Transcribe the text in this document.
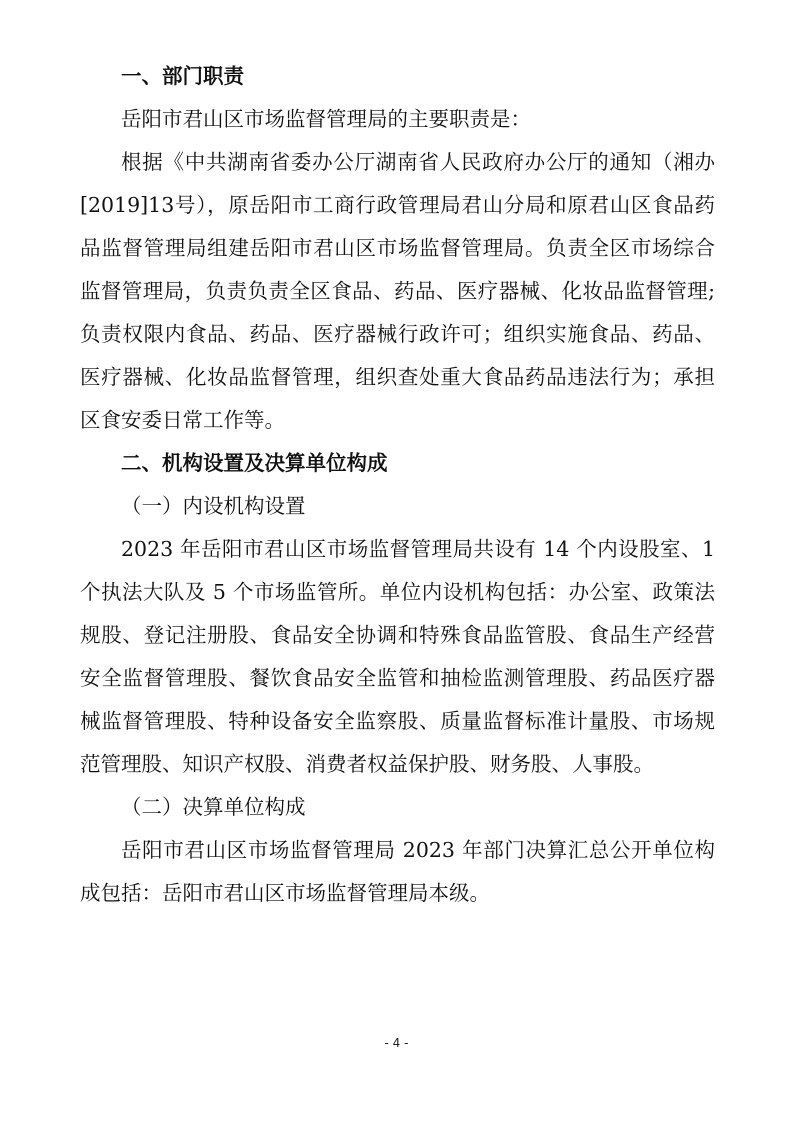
一、部门职责

岳阳市君山区市场监督管理局的主要职责是：

根据《中共湖南省委办公厅湖南省人民政府办公厅的通知（湘办[2019]13号），原岳阳市工商行政管理局君山分局和原君山区食品药品监督管理局组建岳阳市君山区市场监督管理局。负责全区市场综合监督管理局，负责负责全区食品、药品、医疗器械、化妆品监督管理;负责权限内食品、药品、医疗器械行政许可；组织实施食品、药品、医疗器械、化妆品监督管理，组织查处重大食品药品违法行为；承担区食安委日常工作等。

二、机构设置及决算单位构成

（一）内设机构设置

2023 年岳阳市君山区市场监督管理局共设有 14 个内设股室、1 个执法大队及 5 个市场监管所。单位内设机构包括：办公室、政策法规股、登记注册股、食品安全协调和特殊食品监管股、食品生产经营安全监督管理股、餐饮食品安全监管和抽检监测管理股、药品医疗器械监督管理股、特种设备安全监察股、质量监督标准计量股、市场规范管理股、知识产权股、消费者权益保护股、财务股、人事股。

（二）决算单位构成

岳阳市君山区市场监督管理局 2023 年部门决算汇总公开单位构成包括：岳阳市君山区市场监督管理局本级。

- 4 -
